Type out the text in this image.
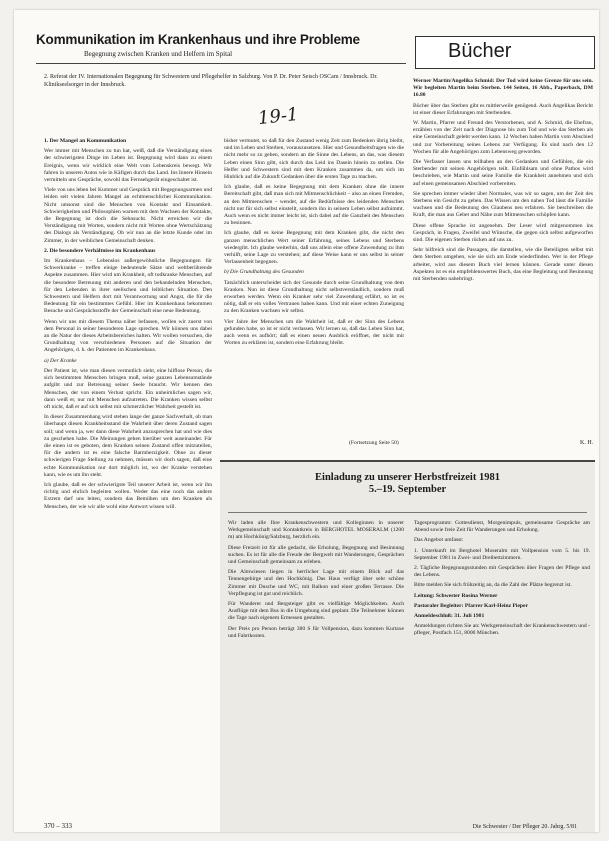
Kommunikation im Krankenhaus und ihre Probleme
Begegnung zwischen Kranken und Helfern im Spital
2. Referat der IV. Internationalen Begegnung für Schwestern und Pflegehelfer in Salzburg. Von P. Dr. Peter Seisch OSCam / Innsbruck. Dr. Klinikseelsorger in der Innsbruck.
19-1
Bücher

1. Der Mangel an Kommunikation

Wer immer mit Menschen zu tun hat, weiß, daß die Verständigung eines der schwierigsten Dinge im Leben ist. Begegnung wird dann zu einem Ereignis, wenn wir wirklich eine Welt vom Lebenskreis bewegt. Wir fahren in unseren Autos wie in Käfigen durch das Land. Ins Innere Hinsein vermitteln uns Gespräche, sowohl das Fernsehgerät eingeschaltet ist.

Viele von uns leben bei Kummer und Gespräch mit Begegnungsarmen und leiden seit vielen Jahren Mangel an echtmenschlicher Kommunikation. Nicht umsonst sind die Menschen von Kontakt und Einsamkeit. Schwierigkeiten und Philosophien warnen mit dem Wachsen der Kontakte, die Begegnung ist doch die Sehnsucht. Nicht erreichen wir die Verständigung mit Worten, sondern nicht mit Worten ohne Wertschätzung des Dialogs als Verständigung. Ob wir nun an die letzte Kunde oder im Zimmer, in der weiblichen Gemeinschaft denken.

2. Die besondere Verhältnisse im Krankenhaus

Im Krankenhaus – Lebenslos außergewöhnliche Begegnungen für Schwerkranke – treffen einige bedeutende Sätze und weltberührende Aspekte zusammen. Hier wird um Krankheit, oft todkranke Menschen, auf die besondere Betreuung mit anderen und den behandelnden Menschen, für den Lebenden in ihrer seelischen und leiblichen Situation. Den Schwestern und Helfern dort mit Verantwortung und Angst, die für die Bedeutung für ein bestimmtes Gefühl. Hier im Krankenhaus bekommen Besuche und Gesprächsstoffe der Gemeinschaft eine neue Bedeutung.

Wenn wir uns mit diesem Thema näher befassen, wollen wir zuerst von dem Personal in seiner besonderen Lage sprechen. Wir können uns dabei an die Natur der dieses Arbeitsbereiches halten. Wir wollen versuchen, die Grundhaltung von verschiedenen Personen auf die Situation der Angehörigen, d. h. der Patienten im Krankenhaus.

a) Der Kranke

Der Patient ist, wie man diesen vermutlich sieht, eine hilflose Person, die sich bestimmten Menschen bringen muß, seine ganzen Lebensumstände aufgibt und zur Betreuung seiner Seele braucht. Wir kennen den Menschen, der von einem Verlust spricht. Ein unheimliches sagen wir, dann weiß er, nur mit Menschen aufzutreten. Die Kranken wissen selbst oft nicht, daß er auf sich selbst mit schmerzlicher Wahrheit gestellt ist.

In dieser Zusammenhang wird stehen lange der ganze Sachverhalt, ob man überhaupt diesen Krankheitsstand die Wahrheit über deren Zustand sagen soll; und wenn ja, wer dann diese Wahrheit anzusprechen hat und wie dies zu geschehen habe. Die Meinungen gehen hierüber weit auseinander. Für die einen ist es geboten, dem Kranken seinen Zustand offen mitzuteilen, für die andern ist es eine falsche Barmherzigkeit. Ohne zu dieser schwierigen Frage Stellung zu nehmen, müssen wir doch sagen, daß eine echte Kommunikation nur dort möglich ist, wo der Kranke verstehen kann, wie es um ihn steht.

Ich glaube, daß es der schwierigste Teil unserer Arbeit ist, wenn wir ihn richtig und ehrlich begleiten wollen. Weder das eine noch das andere Extrem darf uns leiten, sondern das Bemühen um den Kranken als Menschen, der wie wir alle wohl eine Antwort wissen will.

bisher vermutet, so daß für den Zustand wenig Zeit zum Bedenken übrig bleibt, und im Leben und Sterben, vorauszusetzen. Hier und Gesundheitsfragen wie die nicht mehr so zu geben, sondern an die Sinne des Lebens, an das, was diesem Leben einen Sinn gibt, sich durch das Leid ins Dasein hinein zu stellen. Die Helfer und Schwestern sind mit dem Kranken zusammen da, um sich im Hinblick auf die Zukunft Gedanken über die ersten Tage zu machen.

Ich glaube, daß es keine Begegnung mit dem Kranken ohne die innere Bereitschaft gibt, daß man sich mit Mitmenschlichkeit – also an einen Fremden, an den Mitmenschen – wendet, auf die Bedürfnisse des leidenden Menschen nicht nur für sich selbst einstellt, sondern ihn in seinem Leben selbst aufnimmt. Auch wenn es nicht immer leicht ist, sich dabei auf die Ganzheit des Menschen zu besinnen.

Ich glaube, daß es keine Begegnung mit dem Kranken gibt, die nicht den ganzen menschlichen Wert seiner Erfahrung, seines Lebens und Sterbens wiedergibt. Ich glaube weiterhin, daß uns allein eine offene Zuwendung zu ihm verhilft, seine Lage zu verstehen; auf diese Weise kann er uns selbst in seiner Verlassenheit begegnen.

b) Die Grundhaltung des Gesunden

Tatsächlich unterscheidet sich der Gesunde durch seine Grundhaltung von dem Kranken. Nun ist diese Grundhaltung nicht selbstverständlich, sondern muß erworben werden. Wenn ein Kranker sehr viel Zuwendung erfährt, so ist es nötig, daß er ein volles Vertrauen haben kann. Und mit einer echten Zuneigung zu den Kranken wachsen wir selbst.

Vier Jahre der Menschen um die Wahrheit ist, daß er der Sinn des Lebens gefunden habe, so ist er nicht verlassen. Wir lernen so, daß das Leben Sinn hat, auch wenn es aufhört; daß es einen neuen Ausblick eröffnet, der nicht mit Worten zu erklären ist, sondern eine Erfahrung bleibt.

(Fortsetzung Seite 50)

Werner Martin/Angelika Schmid: Der Tod wird keine Grenze für uns sein. Wir begleiten Martin beim Sterben. 144 Seiten, 16 Abb., Paperback, DM 16.80

Bücher über das Sterben gibt es mittlerweile genügend. Auch Angelikas Bericht ist einer dieser Erfahrungen mit Sterbenden.

W. Martin, Pfarrer und Freund des Verstorbenen, und A. Schmid, die Ehefrau, erzählen von der Zeit nach der Diagnose bis zum Tod und wie das Sterben als eine Gemeinschaft gelebt werden kann. 12 Wochen haben Martin vom Abschied und zur Vorbereitung seines Lebens zur Verfügung. Es sind nach den 12 Wochen für alle Angehörigen zum Lebensweg geworden.

Die Verfasser lassen uns teilhaben an den Gedanken und Gefühlen, die ein Sterbender mit seinen Angehörigen teilt. Einfühlsam und ohne Pathos wird beschrieben, wie Martin und seine Familie die Krankheit annehmen und sich auf einen gemeinsamen Abschied vorbereiten.

Sie sprechen immer wieder über Normales, was wir so sagen, um der Zeit des Sterbens ein Gesicht zu geben. Das Wissen um den nahen Tod lässt die Familie wachsen und die Bedeutung des Glaubens neu erfahren. Sie beschreiben die Kraft, die man aus Gebet und Nähe zum Mitmenschen schöpfen kann.

Diese offene Sprache ist angenehm. Der Leser wird mitgenommen ins Gespräch, in Fragen, Zweifel und Wünsche, die gegen sich selbst aufgeworfen sind. Die eigenen Sterben rücken auf uns zu.

Sehr hilfreich sind die Passagen, die darstellen, wie die Beteiligten selbst mit dem Sterben umgehen, wie sie sich am Ende wiederfinden. Wer in der Pflege arbeitet, wird aus diesem Buch viel lernen können. Gerade unter diesen Aspekten ist es ein empfehlenswertes Buch, das eine Begleitung und Besinnung mit Sterbenden nahebringt.

K. H.
Einladung zu unserer Herbstfreizeit 1981
5.–19. September

Wir laden alle Ihre Krankenschwestern und Kolleginnen in unserer Werkgemeinschaft und Kontaktkreis in BERGHOTEL MOSERALM (1200 m) am Hochkönig/Salzburg, herzlich ein.

Diese Freizeit ist für alle gedacht, die Erholung, Begegnung und Besinnung suchen. Es ist für alle die Freude der Bergwelt mit Wanderungen, Gesprächen und Gemeinschaft gemeinsam zu erleben.

Die Almwiesen liegen in herrlicher Lage mit einem Blick auf das Tennengebirge und den Hochkönig. Das Haus verfügt über sehr schöne Zimmer mit Dusche und WC, mit Balkon und einer großen Terrasse. Die Verpflegung ist gut und reichlich.

Für Wanderer und Bergsteiger gibt es vielfältige Möglichkeiten. Auch Ausflüge mit dem Bus in die Umgebung sind geplant. Die Teilnehmer können die Tage nach eigenem Ermessen gestalten.

Der Preis pro Person beträgt 380 S für Vollpension, dazu kommen Kurtaxe und Fahrtkosten.

Tagesprogramm: Gottesdienst, Morgenimpuls, gemeinsame Gespräche am Abend sowie freie Zeit für Wanderungen und Erholung.

Das Angebot umfasst:

1. Unterkunft im Berghotel Moseralm mit Vollpension vom 5. bis 19. September 1981 in Zwei- und Dreibettzimmern.

2. Tägliche Begegnungsstunden mit Gesprächen über Fragen der Pflege und des Lebens.

Bitte melden Sie sich frühzeitig an, da die Zahl der Plätze begrenzt ist.

Leitung: Schwester Rosina Werner

Pastoraler Begleiter: Pfarrer Karl-Heinz Pieper

Anmeldeschluß: 31. Juli 1981

Anmeldungen richten Sie an: Werkgemeinschaft der Krankenschwestern und -pfleger, Postfach 151, 8000 München.

370 – 333	Die Schwester / Der Pfleger 20. Jahrg. 5/81
